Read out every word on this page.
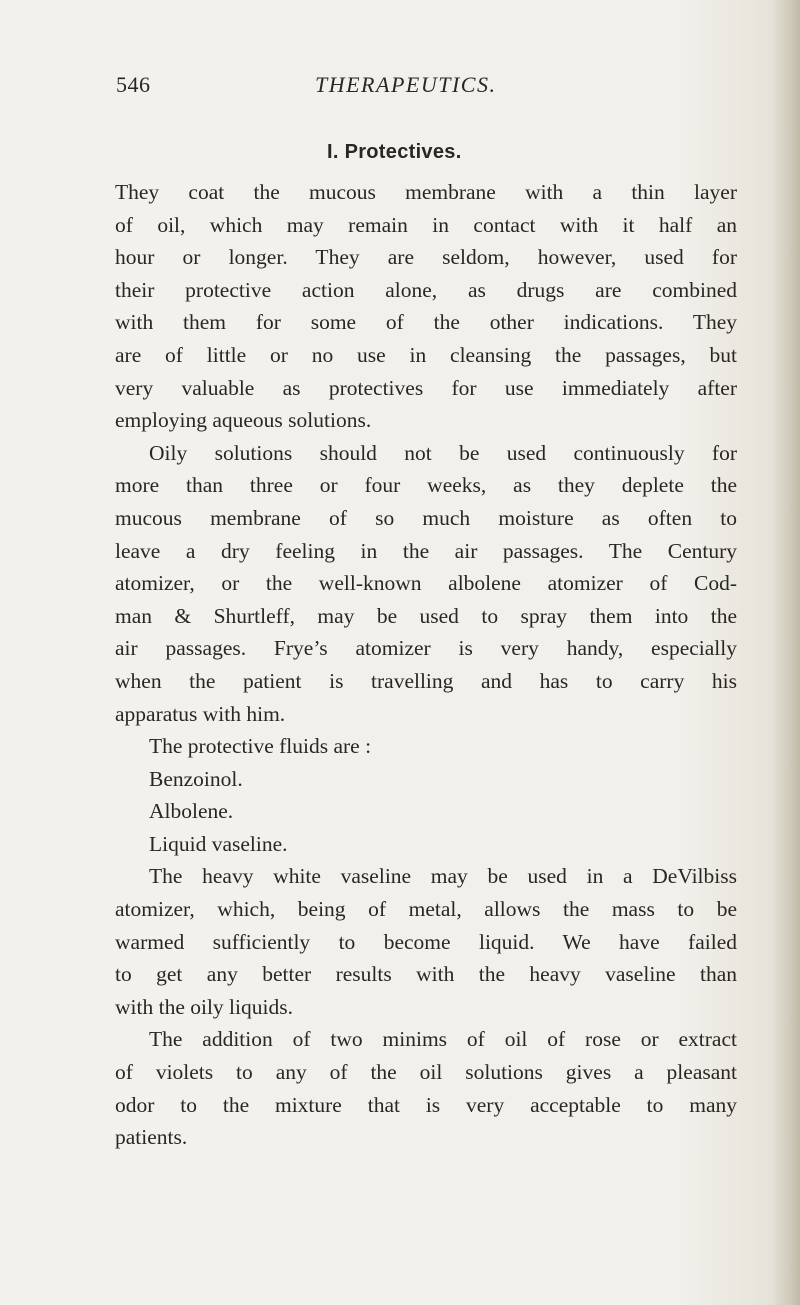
546	THERAPEUTICS.
I. Protectives.

They coat the mucous membrane with a thin layer

of oil, which may remain in contact with it half an

hour or longer. They are seldom, however, used for

their protective action alone, as drugs are combined

with them for some of the other indications. They

are of little or no use in cleansing the passages, but

very valuable as protectives for use immediately after

employing aqueous solutions.

Oily solutions should not be used continuously for

more than three or four weeks, as they deplete the

mucous membrane of so much moisture as often to

leave a dry feeling in the air passages. The Century

atomizer, or the well-known albolene atomizer of Cod-

man & Shurtleff, may be used to spray them into the

air passages. Frye’s atomizer is very handy, especially

when the patient is travelling and has to carry his

apparatus with him.

The protective fluids are :

Benzoinol.

Albolene.

Liquid vaseline.

The heavy white vaseline may be used in a DeVilbiss

atomizer, which, being of metal, allows the mass to be

warmed sufficiently to become liquid. We have failed

to get any better results with the heavy vaseline than

with the oily liquids.

The addition of two minims of oil of rose or extract

of violets to any of the oil solutions gives a pleasant

odor to the mixture that is very acceptable to many

patients.
